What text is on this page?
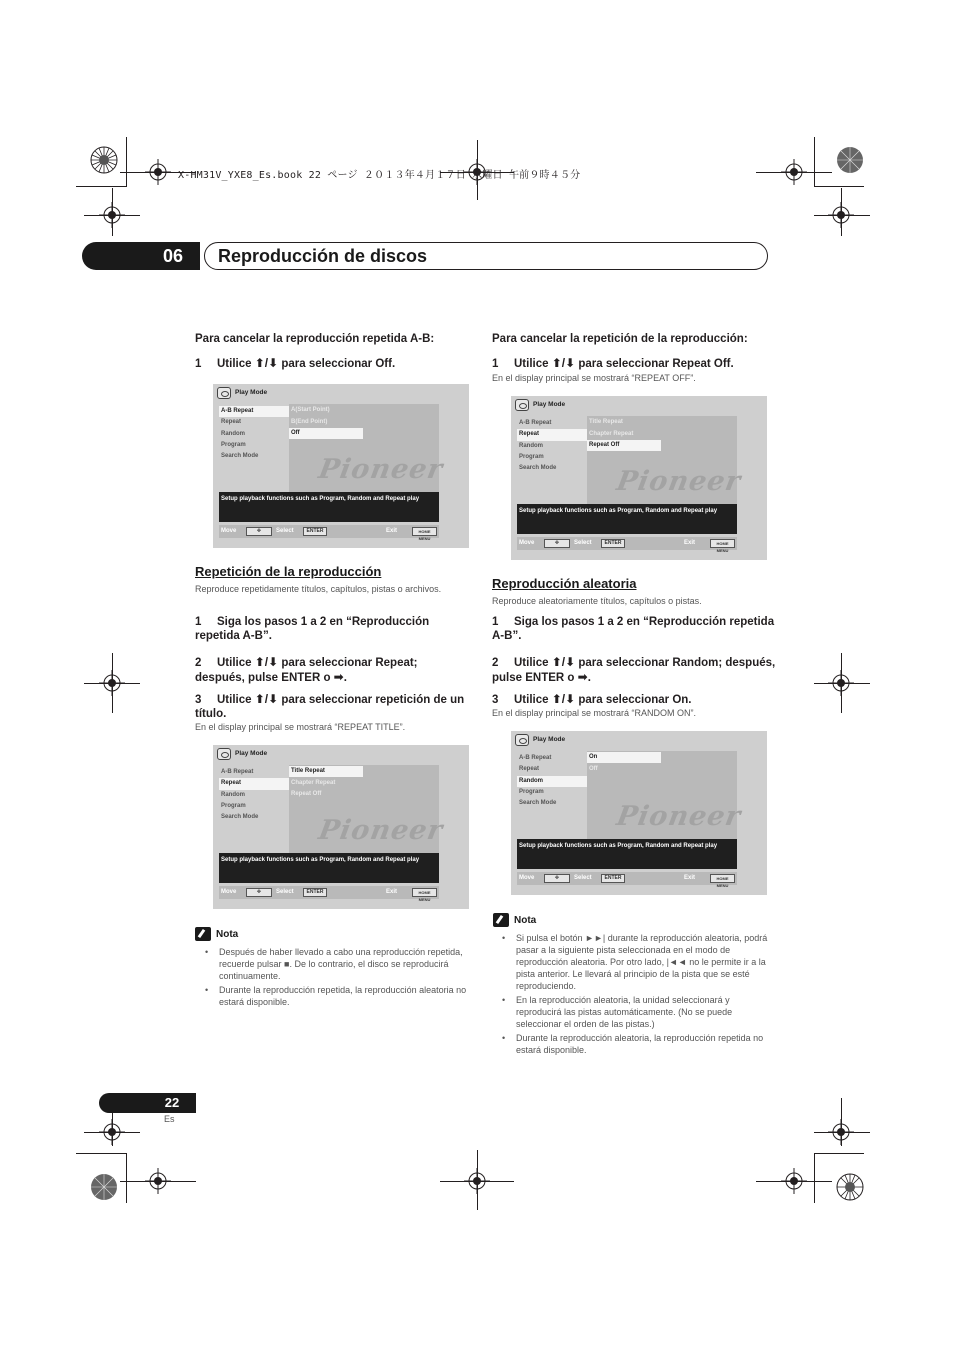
X-HM31V_YXE8_Es.book 22 ページ ２０１３年４月１７日 水曜日 午前９時４５分
06	Reproducción de discos
Para cancelar la reproducción repetida A-B:
1 Utilice ⬆/⬇ para seleccionar Off.
Play Mode
A(Start Point)
B(End Point)
Off
Pioneer
A-B Repeat
Repeat
Random
Program
Search Mode
Setup playback functions such as Program, Random and Repeat play
Move	✥	Select	ENTER	Exit	HOME MENU
Repetición de la reproducción
Reproduce repetidamente títulos, capítulos, pistas o archivos.
1 Siga los pasos 1 a 2 en “Reproducción repetida A-B”.
2 Utilice ⬆/⬇ para seleccionar Repeat; después, pulse ENTER o ➡.
3 Utilice ⬆/⬇ para seleccionar repetición de un título.
En el display principal se mostrará “REPEAT TITLE”.
Play Mode
Title Repeat
Chapter Repeat
Repeat Off
Pioneer
A-B Repeat
Repeat
Random
Program
Search Mode
Setup playback functions such as Program, Random and Repeat play
Move	✥	Select	ENTER	Exit	HOME MENU
Nota
• Después de haber llevado a cabo una reproducción repetida, recuerde pulsar ■. De lo contrario, el disco se reproducirá continuamente.
• Durante la reproducción repetida, la reproducción aleatoria no estará disponible.
Para cancelar la repetición de la reproducción:
1 Utilice ⬆/⬇ para seleccionar Repeat Off.
En el display principal se mostrará “REPEAT OFF”.
Play Mode
Title Repeat
Chapter Repeat
Repeat Off
Pioneer
A-B Repeat
Repeat
Random
Program
Search Mode
Setup playback functions such as Program, Random and Repeat play
Move	✥	Select	ENTER	Exit	HOME MENU
Reproducción aleatoria
Reproduce aleatoriamente títulos, capítulos o pistas.
1 Siga los pasos 1 a 2 en “Reproducción repetida A-B”.
2 Utilice ⬆/⬇ para seleccionar Random; después, pulse ENTER o ➡.
3 Utilice ⬆/⬇ para seleccionar On.
En el display principal se mostrará “RANDOM ON”.
Play Mode
On
Off
Pioneer
A-B Repeat
Repeat
Random
Program
Search Mode
Setup playback functions such as Program, Random and Repeat play
Move	✥	Select	ENTER	Exit	HOME MENU
Nota
• Si pulsa el botón ►►| durante la reproducción aleatoria, podrá pasar a la siguiente pista seleccionada en el modo de reproducción aleatoria. Por otro lado, |◄◄ no le permite ir a la pista anterior. Le llevará al principio de la pista que se esté reproduciendo.
• En la reproducción aleatoria, la unidad seleccionará y reproducirá las pistas automáticamente. (No se puede seleccionar el orden de las pistas.)
• Durante la reproducción aleatoria, la reproducción repetida no estará disponible.
22
Es
